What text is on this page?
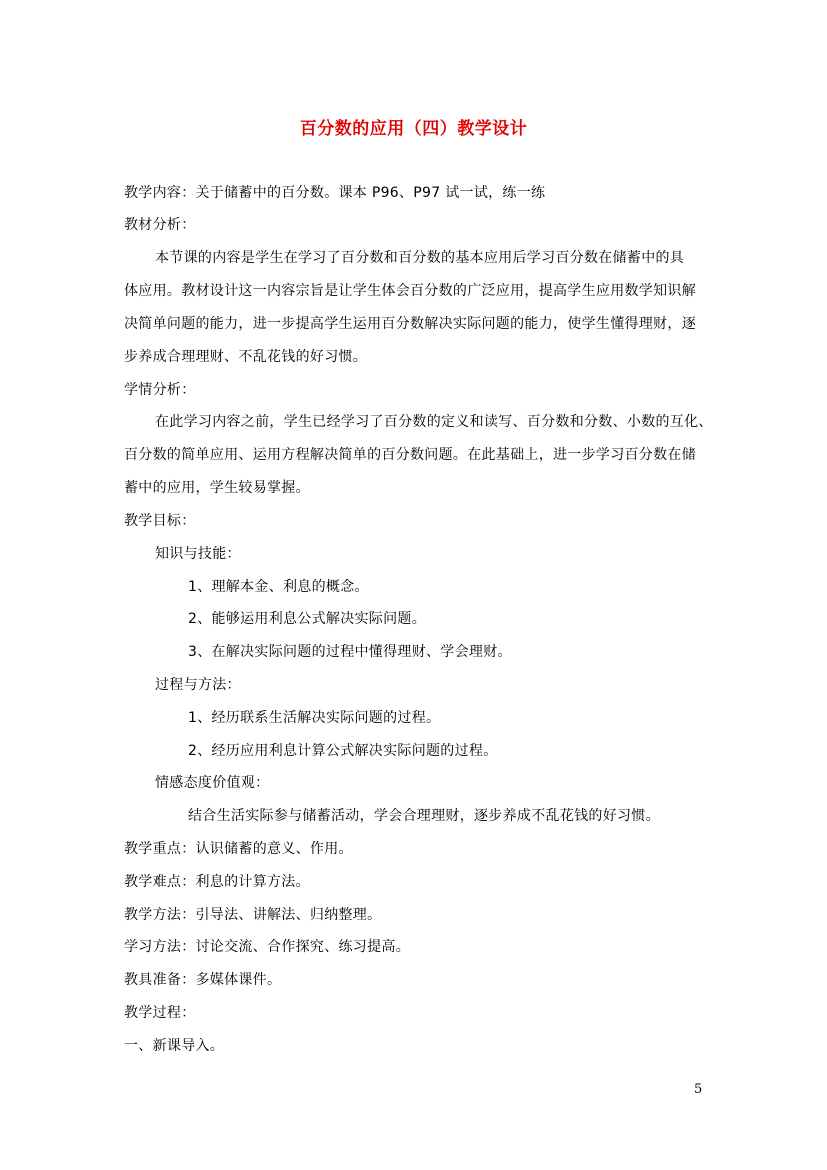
百分数的应用（四）教学设计
教学内容：关于储蓄中的百分数。课本 P96、P97 试一试，练一练
教材分析：
本节课的内容是学生在学习了百分数和百分数的基本应用后学习百分数在储蓄中的具
体应用。教材设计这一内容宗旨是让学生体会百分数的广泛应用，提高学生应用数学知识解
决简单问题的能力，进一步提高学生运用百分数解决实际问题的能力，使学生懂得理财，逐
步养成合理理财、不乱花钱的好习惯。
学情分析：
在此学习内容之前，学生已经学习了百分数的定义和读写、百分数和分数、小数的互化、
百分数的简单应用、运用方程解决简单的百分数问题。在此基础上，进一步学习百分数在储
蓄中的应用，学生较易掌握。
教学目标：
知识与技能：
1、理解本金、利息的概念。
2、能够运用利息公式解决实际问题。
3、在解决实际问题的过程中懂得理财、学会理财。
过程与方法：
1、经历联系生活解决实际问题的过程。
2、经历应用利息计算公式解决实际问题的过程。
情感态度价值观：
结合生活实际参与储蓄活动，学会合理理财，逐步养成不乱花钱的好习惯。
教学重点：认识储蓄的意义、作用。
教学难点：利息的计算方法。
教学方法：引导法、讲解法、归纳整理。
学习方法：讨论交流、合作探究、练习提高。
教具准备：多媒体课件。
教学过程：
一、新课导入。
5
